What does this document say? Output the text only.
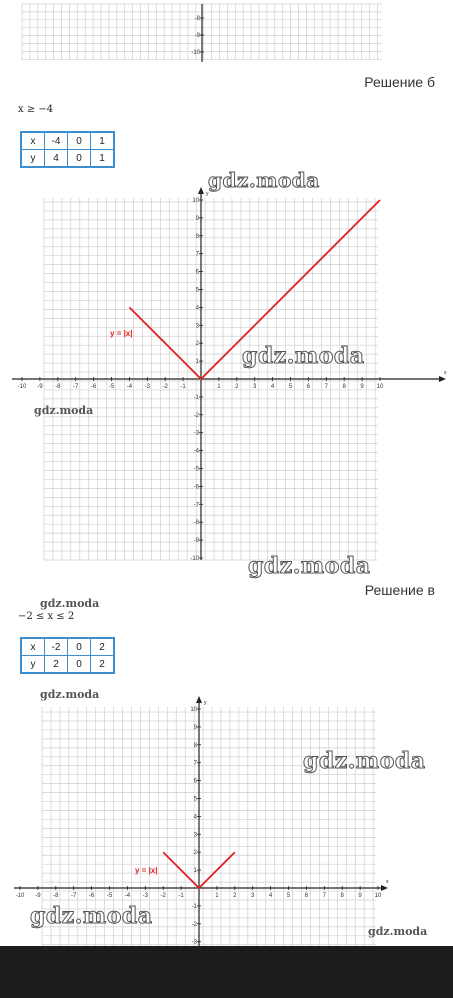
-8
-9
-10
Решение б
x ≥ −4
x	-4	0	1
y	4	0	1
gdz.moda
x
y
-10 -9 -8 -7 -6 -5 -4 -3 -2 -1	1 2 3 4 5 6 7 8 9 10
10
9
8
7
6
5
4
3
2
1
-1
-2
-3
-4
-5
-6
-7
-8
-9
-10
y = |x|
gdz.moda
gdz.moda
gdz.moda
Решение в
gdz.moda
−2 ≤ x ≤ 2
x	-2	0	2
y	2	0	2
gdz.moda
x
y
-10 -9 -8 -7 -6 -5 -4 -3 -2 -1	1 2 3 4 5 6 7 8 9 10
10
9
8
7
6
5
4
3
2
1
-1
-2
-3
y = |x|
gdz.moda
gdz.moda
gdz.moda
